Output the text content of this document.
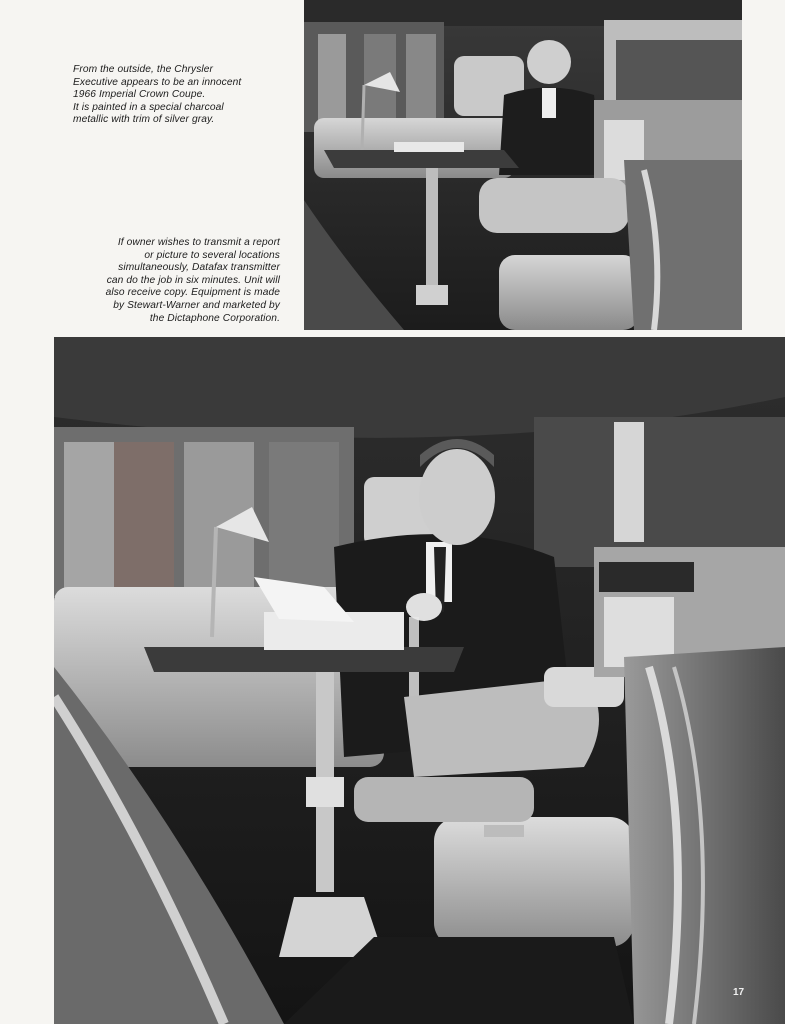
From the outside, the Chrysler
Executive appears to be an innocent
1966 Imperial Crown Coupe.
It is painted in a special charcoal
metallic with trim of silver gray.
If owner wishes to transmit a report
or picture to several locations
simultaneously, Datafax transmitter
can do the job in six minutes. Unit will
also receive copy. Equipment is made
by Stewart-Warner and marketed by
the Dictaphone Corporation.
17
